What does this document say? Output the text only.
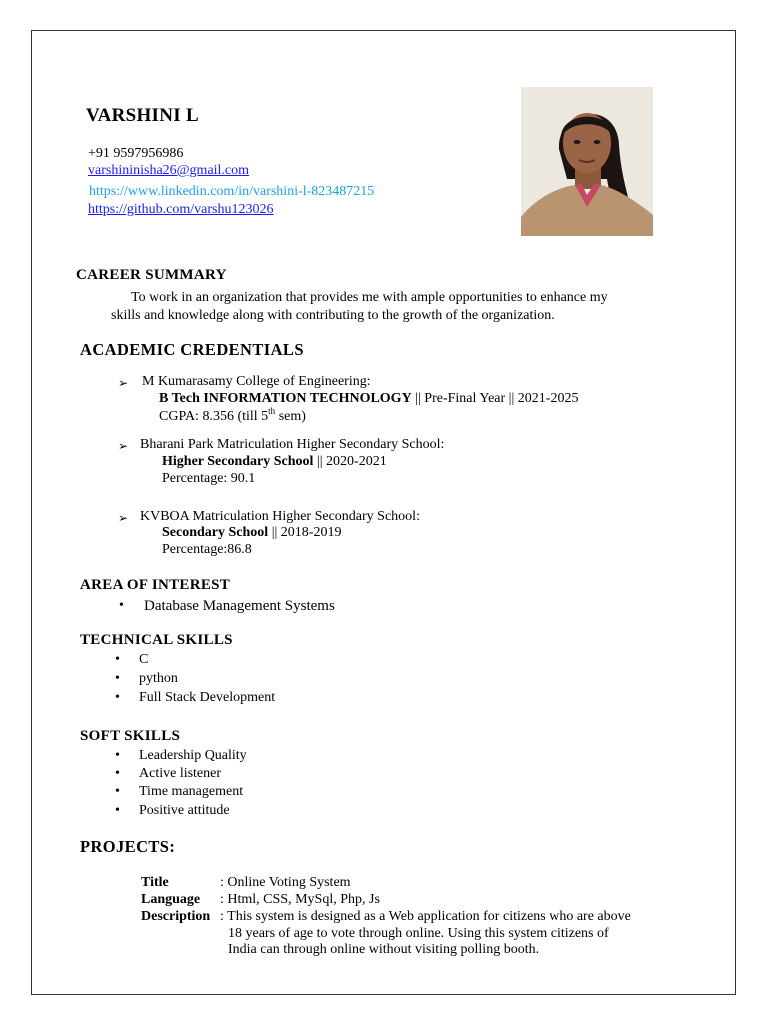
VARSHINI L
+91 9597956986
varshininisha26@gmail.com
https://www.linkedin.com/in/varshini-l-823487215
https://github.com/varshu123026
CAREER SUMMARY
To work in an organization that provides me with ample opportunities to enhance my
skills and knowledge along with contributing to the growth of the organization.
ACADEMIC CREDENTIALS
➢ M Kumarasamy College of Engineering:
B Tech INFORMATION TECHNOLOGY || Pre-Final Year || 2021-2025
CGPA: 8.356 (till 5th sem)
➢ Bharani Park Matriculation Higher Secondary School:
Higher Secondary School || 2020-2021
Percentage: 90.1
➢ KVBOA Matriculation Higher Secondary School:
Secondary School || 2018-2019
Percentage:86.8
AREA OF INTEREST
• Database Management Systems
TECHNICAL SKILLS
• C
• python
• Full Stack Development
SOFT SKILLS
• Leadership Quality
• Active listener
• Time management
• Positive attitude
PROJECTS:
Title	: Online Voting System
Language : Html, CSS, MySql, Php, Js
Description : This system is designed as a Web application for citizens who are above
18 years of age to vote through online. Using this system citizens of
India can through online without visiting polling booth.
